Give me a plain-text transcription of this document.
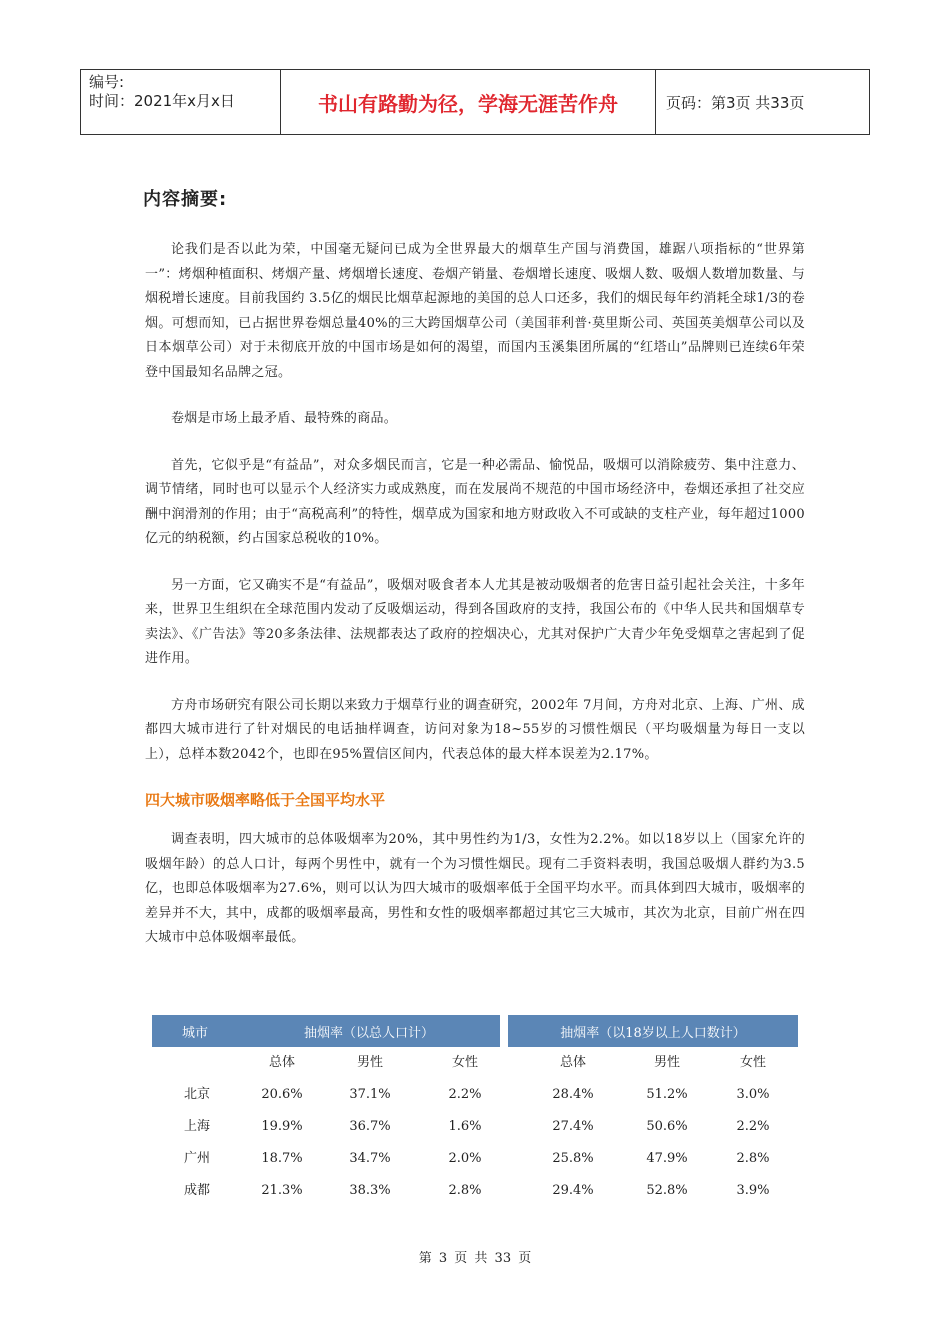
编号:
时间：2021年x月x日	书山有路勤为径，学海无涯苦作舟	页码：第3页 共33页
内容摘要:

论我们是否以此为荣，中国毫无疑问已成为全世界最大的烟草生产国与消费国，雄踞八项指标的“世界第一”：烤烟种植面积、烤烟产量、烤烟增长速度、卷烟产销量、卷烟增长速度、吸烟人数、吸烟人数增加数量、与烟税增长速度。目前我国约 3.5亿的烟民比烟草起源地的美国的总人口还多，我们的烟民每年约消耗全球1/3的卷烟。可想而知，已占据世界卷烟总量40%的三大跨国烟草公司（美国菲利普·莫里斯公司、英国英美烟草公司以及日本烟草公司）对于未彻底开放的中国市场是如何的渴望，而国内玉溪集团所属的“红塔山”品牌则已连续6年荣登中国最知名品牌之冠。

卷烟是市场上最矛盾、最特殊的商品。

首先，它似乎是“有益品”，对众多烟民而言，它是一种必需品、愉悦品，吸烟可以消除疲劳、集中注意力、调节情绪，同时也可以显示个人经济实力或成熟度，而在发展尚不规范的中国市场经济中，卷烟还承担了社交应酬中润滑剂的作用；由于“高税高利”的特性，烟草成为国家和地方财政收入不可或缺的支柱产业，每年超过1000亿元的纳税额，约占国家总税收的10%。

另一方面，它又确实不是“有益品”，吸烟对吸食者本人尤其是被动吸烟者的危害日益引起社会关注，十多年来，世界卫生组织在全球范围内发动了反吸烟运动，得到各国政府的支持，我国公布的《中华人民共和国烟草专卖法》、《广告法》等20多条法律、法规都表达了政府的控烟决心，尤其对保护广大青少年免受烟草之害起到了促进作用。

方舟市场研究有限公司长期以来致力于烟草行业的调查研究，2002年 7月间，方舟对北京、上海、广州、成都四大城市进行了针对烟民的电话抽样调查，访问对象为18~55岁的习惯性烟民（平均吸烟量为每日一支以上），总样本数2042个，也即在95%置信区间内，代表总体的最大样本误差为2.17%。

四大城市吸烟率略低于全国平均水平

调查表明，四大城市的总体吸烟率为20%，其中男性约为1/3，女性为2.2%。如以18岁以上（国家允许的吸烟年龄）的总人口计，每两个男性中，就有一个为习惯性烟民。现有二手资料表明，我国总吸烟人群约为3.5亿，也即总体吸烟率为27.6%，则可以认为四大城市的吸烟率低于全国平均水平。而具体到四大城市，吸烟率的差异并不大，其中，成都的吸烟率最高，男性和女性的吸烟率都超过其它三大城市，其次为北京，目前广州在四大城市中总体吸烟率最低。

城市	抽烟率（以总人口计）	抽烟率（以18岁以上人口数计）
总体	男性	女性	总体	男性	女性
北京	20.6%	37.1%	2.2%	28.4%	51.2%	3.0%
上海	19.9%	36.7%	1.6%	27.4%	50.6%	2.2%
广州	18.7%	34.7%	2.0%	25.8%	47.9%	2.8%
成都	21.3%	38.3%	2.8%	29.4%	52.8%	3.9%
第 3 页 共 33 页
